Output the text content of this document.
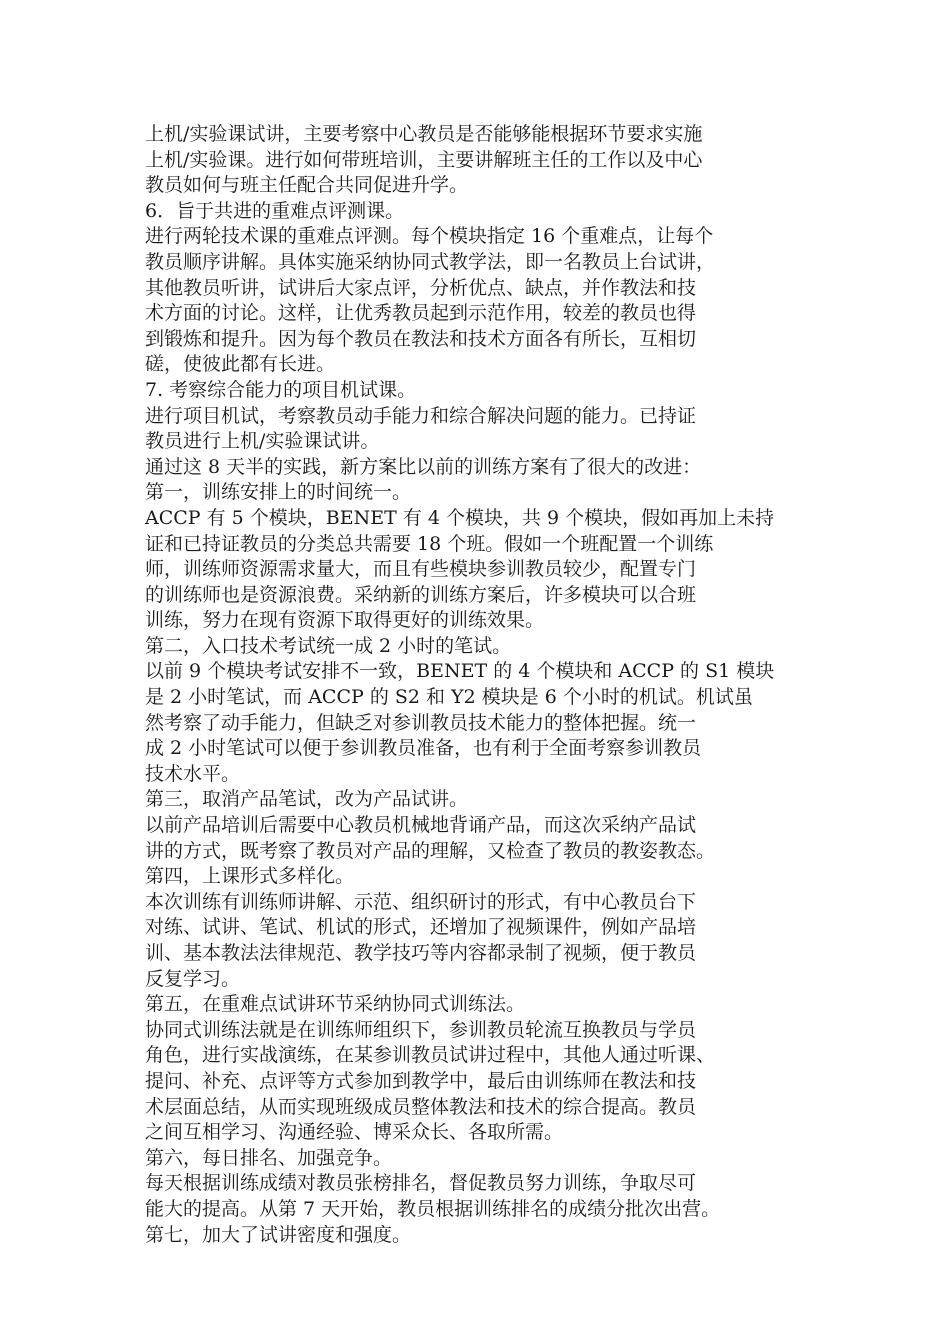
上机/实验课试讲，主要考察中心教员是否能够能根据环节要求实施
上机/实验课。进行如何带班培训，主要讲解班主任的工作以及中心
教员如何与班主任配合共同促进升学。
6．旨于共进的重难点评测课。
进行两轮技术课的重难点评测。每个模块指定 16 个重难点，让每个
教员顺序讲解。具体实施采纳协同式教学法，即一名教员上台试讲，
其他教员听讲，试讲后大家点评，分析优点、缺点，并作教法和技
术方面的讨论。这样，让优秀教员起到示范作用，较差的教员也得
到锻炼和提升。因为每个教员在教法和技术方面各有所长，互相切
磋，使彼此都有长进。
7. 考察综合能力的项目机试课。
进行项目机试，考察教员动手能力和综合解决问题的能力。已持证
教员进行上机/实验课试讲。
通过这 8 天半的实践，新方案比以前的训练方案有了很大的改进：
第一，训练安排上的时间统一。
ACCP 有 5 个模块，BENET 有 4 个模块，共 9 个模块，假如再加上未持
证和已持证教员的分类总共需要 18 个班。假如一个班配置一个训练
师，训练师资源需求量大，而且有些模块参训教员较少，配置专门
的训练师也是资源浪费。采纳新的训练方案后，许多模块可以合班
训练，努力在现有资源下取得更好的训练效果。
第二，入口技术考试统一成 2 小时的笔试。
以前 9 个模块考试安排不一致，BENET 的 4 个模块和 ACCP 的 S1 模块
是 2 小时笔试，而 ACCP 的 S2 和 Y2 模块是 6 个小时的机试。机试虽
然考察了动手能力，但缺乏对参训教员技术能力的整体把握。统一
成 2 小时笔试可以便于参训教员准备，也有利于全面考察参训教员
技术水平。
第三，取消产品笔试，改为产品试讲。
以前产品培训后需要中心教员机械地背诵产品，而这次采纳产品试
讲的方式，既考察了教员对产品的理解，又检查了教员的教姿教态。
第四，上课形式多样化。
本次训练有训练师讲解、示范、组织研讨的形式，有中心教员台下
对练、试讲、笔试、机试的形式，还增加了视频课件，例如产品培
训、基本教法法律规范、教学技巧等内容都录制了视频，便于教员
反复学习。
第五，在重难点试讲环节采纳协同式训练法。
协同式训练法就是在训练师组织下，参训教员轮流互换教员与学员
角色，进行实战演练，在某参训教员试讲过程中，其他人通过听课、
提问、补充、点评等方式参加到教学中，最后由训练师在教法和技
术层面总结，从而实现班级成员整体教法和技术的综合提高。教员
之间互相学习、沟通经验、博采众长、各取所需。
第六，每日排名、加强竞争。
每天根据训练成绩对教员张榜排名，督促教员努力训练，争取尽可
能大的提高。从第 7 天开始，教员根据训练排名的成绩分批次出营。
第七，加大了试讲密度和强度。
